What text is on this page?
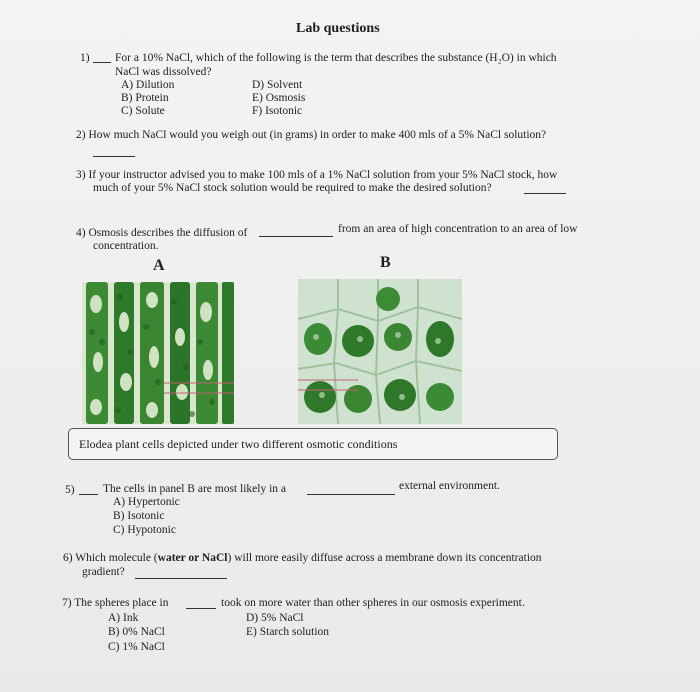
Lab questions
1) For a 10% NaCl, which of the following is the term that describes the substance (H₂O) in which
NaCl was dissolved?
A) Dilution
B) Protein
C) Solute
D) Solvent
E) Osmosis
F) Isotonic
2) How much NaCl would you weigh out (in grams) in order to make 400 mls of a 5% NaCl solution?
3) If your instructor advised you to make 100 mls of a 1% NaCl solution from your 5% NaCl stock, how
much of your 5% NaCl stock solution would be required to make the desired solution?
4) Osmosis describes the diffusion of	from an area of high concentration to an area of low
concentration.
A	B
Elodea plant cells depicted under two different osmotic conditions
5) The cells in panel B are most likely in a	external environment.
A) Hypertonic
B) Isotonic
C) Hypotonic
6) Which molecule (water or NaCl) will more easily diffuse across a membrane down its concentration
gradient?
7) The spheres place in	took on more water than other spheres in our osmosis experiment.
A) Ink
B) 0% NaCl
C) 1% NaCl
D) 5% NaCl
E) Starch solution
